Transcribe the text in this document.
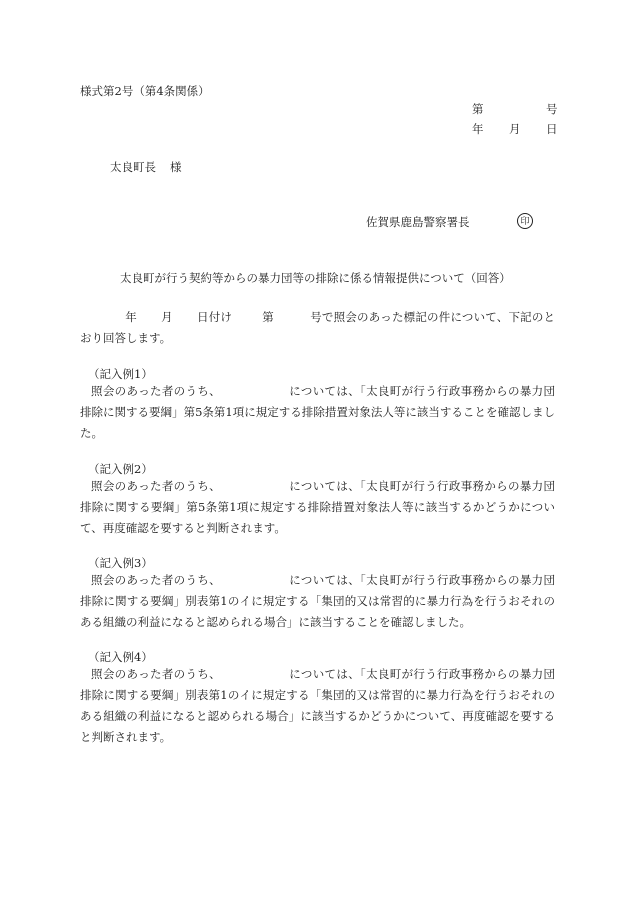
様式第2号（第4条関係）
第	号
年 月 日
太良町長 様
佐賀県鹿島警察署長	印
太良町が行う契約等からの暴力団等の排除に係る情報提供について（回答）
年 月 日付け	第	号で照会のあった標記の件について、下記のとおり回答します。
（記入例1）
照会のあった者のうち、	については、「太良町が行う行政事務からの暴力団排除に関する要綱」第5条第1項に規定する排除措置対象法人等に該当することを確認しました。
（記入例2）
照会のあった者のうち、	については、「太良町が行う行政事務からの暴力団排除に関する要綱」第5条第1項に規定する排除措置対象法人等に該当するかどうかについて、再度確認を要すると判断されます。
（記入例3）
照会のあった者のうち、	については、「太良町が行う行政事務からの暴力団排除に関する要綱」別表第1のイに規定する「集団的又は常習的に暴力行為を行うおそれのある組織の利益になると認められる場合」に該当することを確認しました。
（記入例4）
照会のあった者のうち、	については、「太良町が行う行政事務からの暴力団排除に関する要綱」別表第1のイに規定する「集団的又は常習的に暴力行為を行うおそれのある組織の利益になると認められる場合」に該当するかどうかについて、再度確認を要すると判断されます。
